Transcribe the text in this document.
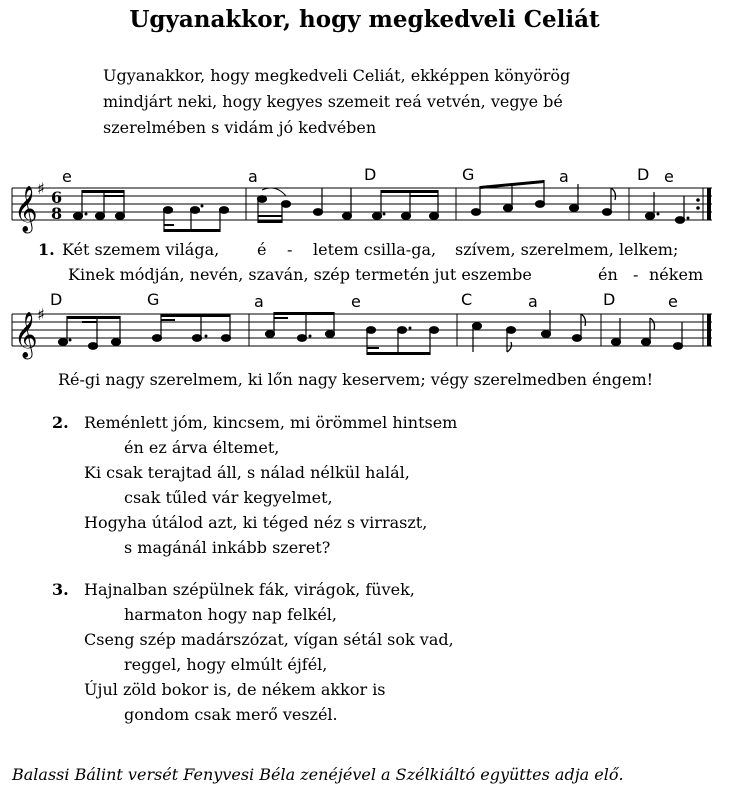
Ugyanakkor, hogy megkedveli Celiát
Ugyanakkor, hogy megkedveli Celiát, ekképpen könyörög
mindjárt neki, hogy kegyes szemeit reá vetvén, vegye bé
szerelmében s vidám jó kedvében
e	a	D	G	a	D e
𝄞 ♯ 6
8
1. Két szemem világa, é - letem csilla-ga, szívem, szerelmem, lelkem;
Kinek módján, nevén, szaván, szép termetén jut eszembe	én - nékem
D	G	a	e	C	a	D	e
𝄞 ♯
Ré-gi nagy szerelmem, ki lőn nagy keservem; végy szerelmedben éngem!
2. Reménlett jóm, kincsem, mi örömmel hintsem
én ez árva éltemet,
Ki csak terajtad áll, s nálad nélkül halál,
csak tűled vár kegyelmet,
Hogyha útálod azt, ki téged néz s virraszt,
s magánál inkább szeret?
3. Hajnalban szépülnek fák, virágok, füvek,
harmaton hogy nap felkél,
Cseng szép madárszózat, vígan sétál sok vad,
reggel, hogy elmúlt éjfél,
Újul zöld bokor is, de nékem akkor is
gondom csak merő veszél.
Balassi Bálint versét Fenyvesi Béla zenéjével a Szélkiáltó együttes adja elő.
